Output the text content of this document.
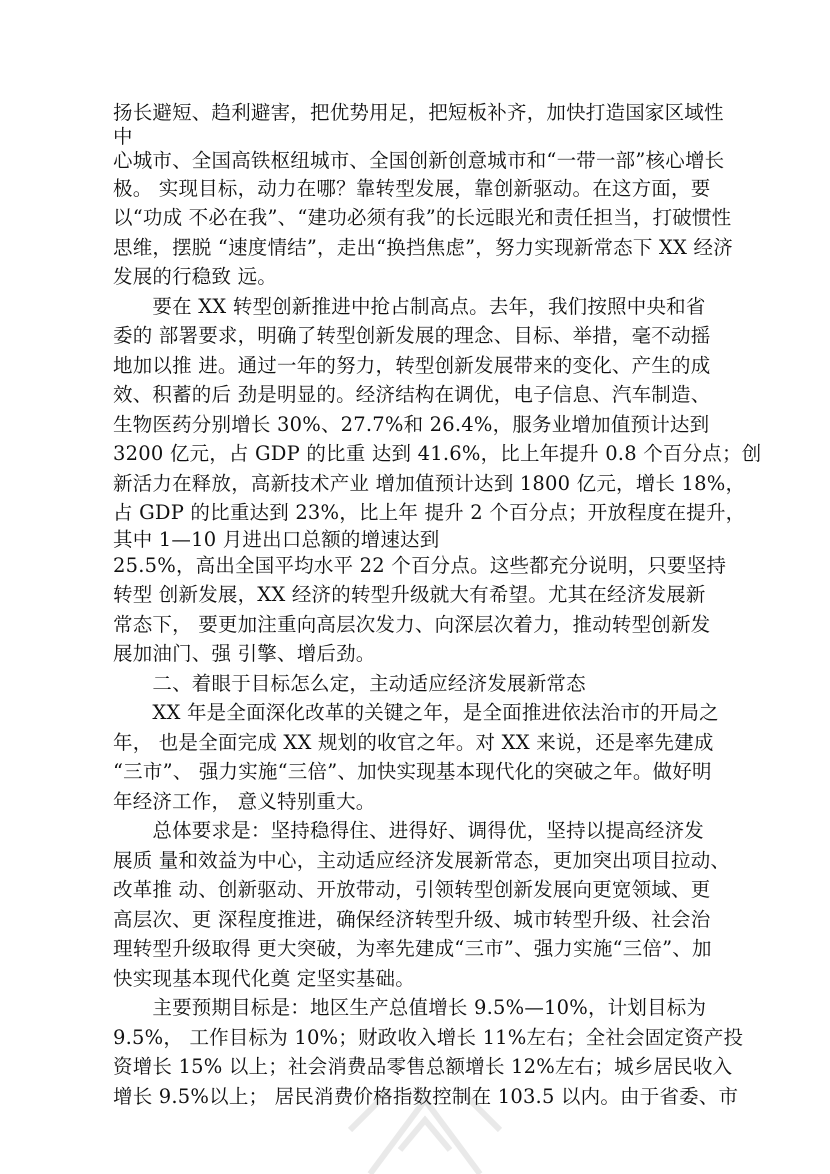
扬长避短、趋利避害，把优势用足，把短板补齐，加快打造国家区域性
中
心城市、全国高铁枢纽城市、全国创新创意城市和“一带一部”核心增长
极。 实现目标，动力在哪？靠转型发展，靠创新驱动。在这方面，要
以“功成 不必在我”、“建功必须有我”的长远眼光和责任担当，打破惯性
思维，摆脱 “速度情结”，走出“换挡焦虑”，努力实现新常态下 XX 经济
发展的行稳致 远。
　　要在 XX 转型创新推进中抢占制高点。去年，我们按照中央和省
委的 部署要求，明确了转型创新发展的理念、目标、举措，毫不动摇
地加以推 进。通过一年的努力，转型创新发展带来的变化、产生的成
效、积蓄的后 劲是明显的。经济结构在调优，电子信息、汽车制造、
生物医药分别增长 30%、27.7%和 26.4%，服务业增加值预计达到
3200 亿元，占 GDP 的比重 达到 41.6%，比上年提升 0.8 个百分点；创
新活力在释放，高新技术产业 增加值预计达到 1800 亿元，增长 18%，
占 GDP 的比重达到 23%，比上年 提升 2 个百分点；开放程度在提升，
其中 1—10 月进出口总额的增速达到
25.5%，高出全国平均水平 22 个百分点。这些都充分说明，只要坚持
转型 创新发展，XX 经济的转型升级就大有希望。尤其在经济发展新
常态下， 要更加注重向高层次发力、向深层次着力，推动转型创新发
展加油门、强 引擎、增后劲。
　　二、着眼于目标怎么定，主动适应经济发展新常态
　　XX 年是全面深化改革的关键之年，是全面推进依法治市的开局之
年， 也是全面完成 XX 规划的收官之年。对 XX 来说，还是率先建成
“三市”、 强力实施“三倍”、加快实现基本现代化的突破之年。做好明
年经济工作， 意义特别重大。
　　总体要求是：坚持稳得住、进得好、调得优，坚持以提高经济发
展质 量和效益为中心，主动适应经济发展新常态，更加突出项目拉动、
改革推 动、创新驱动、开放带动，引领转型创新发展向更宽领域、更
高层次、更 深程度推进，确保经济转型升级、城市转型升级、社会治
理转型升级取得 更大突破，为率先建成“三市”、强力实施“三倍”、加
快实现基本现代化奠 定坚实基础。
　　主要预期目标是：地区生产总值增长 9.5%—10%，计划目标为
9.5%， 工作目标为 10%；财政收入增长 11%左右；全社会固定资产投
资增长 15% 以上；社会消费品零售总额增长 12%左右；城乡居民收入
增长 9.5%以上； 居民消费价格指数控制在 103.5 以内。由于省委、市
